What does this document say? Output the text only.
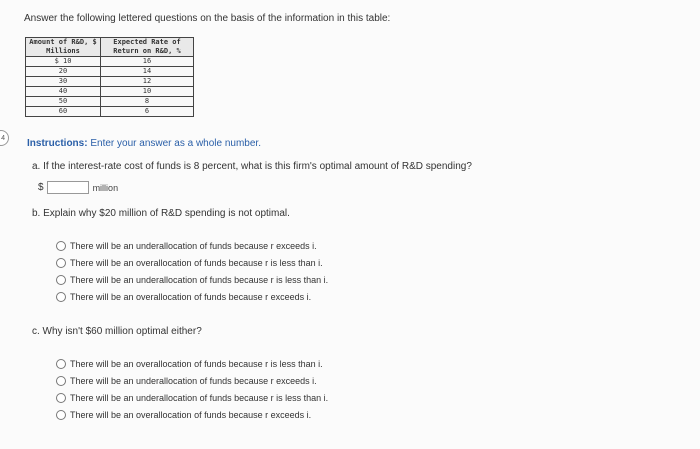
Answer the following lettered questions on the basis of the information in this table:
Amount of R&D, $ Millions	Expected Rate of Return on R&D, %
$ 10	16
20	14
30	12
40	10
50	8
60	6
4	Instructions: Enter your answer as a whole number.
a. If the interest-rate cost of funds is 8 percent, what is this firm's optimal amount of R&D spending?
$	million
b. Explain why $20 million of R&D spending is not optimal.
There will be an underallocation of funds because r exceeds i.
There will be an overallocation of funds because r is less than i.
There will be an underallocation of funds because r is less than i.
There will be an overallocation of funds because r exceeds i.
c. Why isn't $60 million optimal either?
There will be an overallocation of funds because r is less than i.
There will be an underallocation of funds because r exceeds i.
There will be an underallocation of funds because r is less than i.
There will be an overallocation of funds because r exceeds i.
